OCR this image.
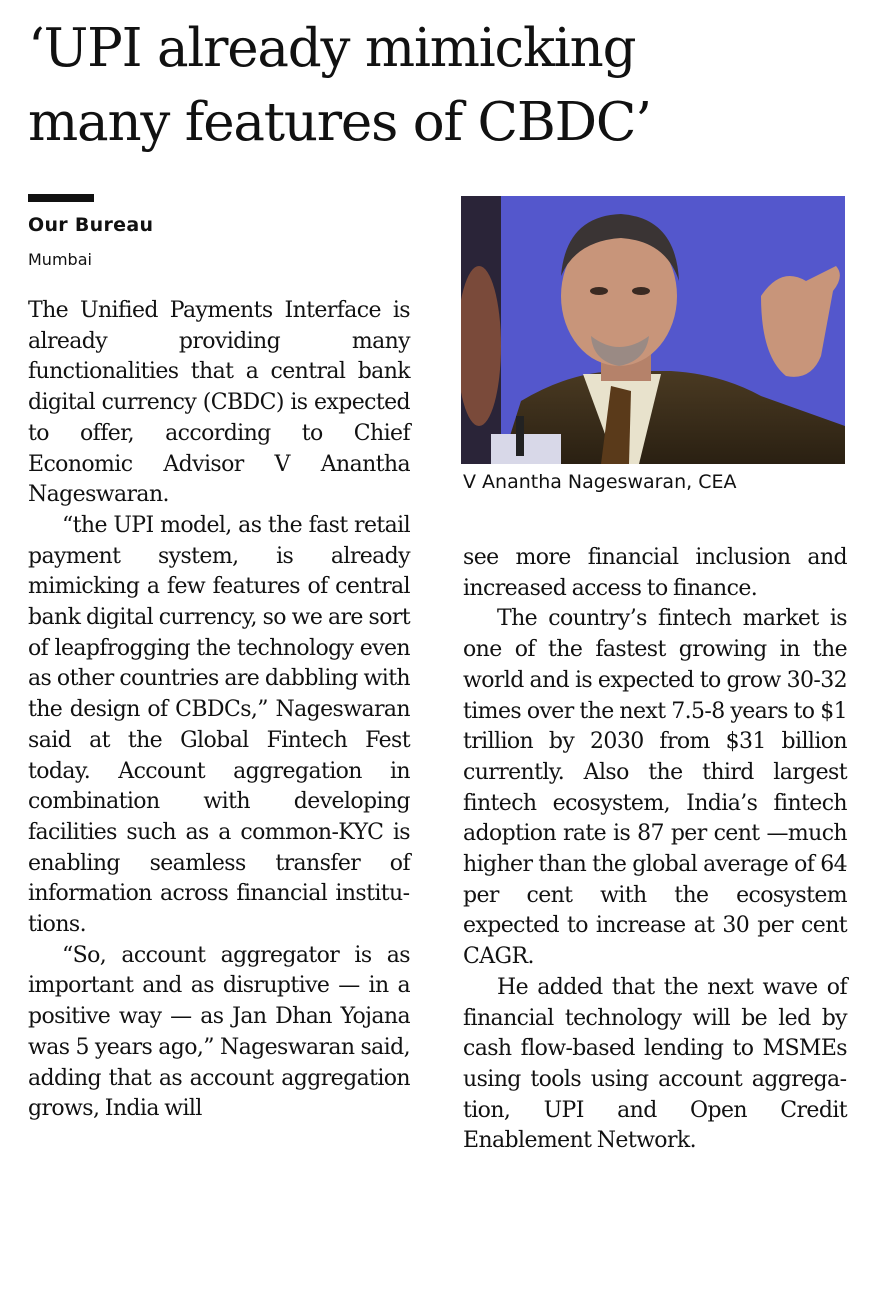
‘UPI already mimicking
many features of CBDC’
Our Bureau
Mumbai

The Unified Payments Interface is already providing many functionalities that a central bank digital currency (CBDC) is expected to offer, according to Chief Economic Advisor V Anantha Nageswaran.

“the UPI model, as the fast retail payment system, is already mimicking a few features of central bank digital currency, so we are sort of leapfrogging the technology even as other countries are dabbling with the design of CBDCs,” Nageswaran said at the Global Fintech Fest today. Account aggregation in combination with developing facilities such as a common-KYC is enabling seamless transfer of information across financial institutions.

“So, account aggregator is as important and as disruptive — in a positive way — as Jan Dhan Yojana was 5 years ago,” Nageswaran said, adding that as account aggregation grows, India will

V Anantha Nageswaran, CEA

see more financial inclusion and increased access to finance.

The country’s fintech market is one of the fastest growing in the world and is expected to grow 30-32 times over the next 7.5-8 years to $1 trillion by 2030 from $31 billion currently. Also the third largest fintech ecosystem, India’s fintech adoption rate is 87 per cent —much higher than the global average of 64 per cent with the ecosystem expected to increase at 30 per cent CAGR.

He added that the next wave of financial technology will be led by cash flow-based lending to MSMEs using tools using account aggregation, UPI and Open Credit Enablement Network.
